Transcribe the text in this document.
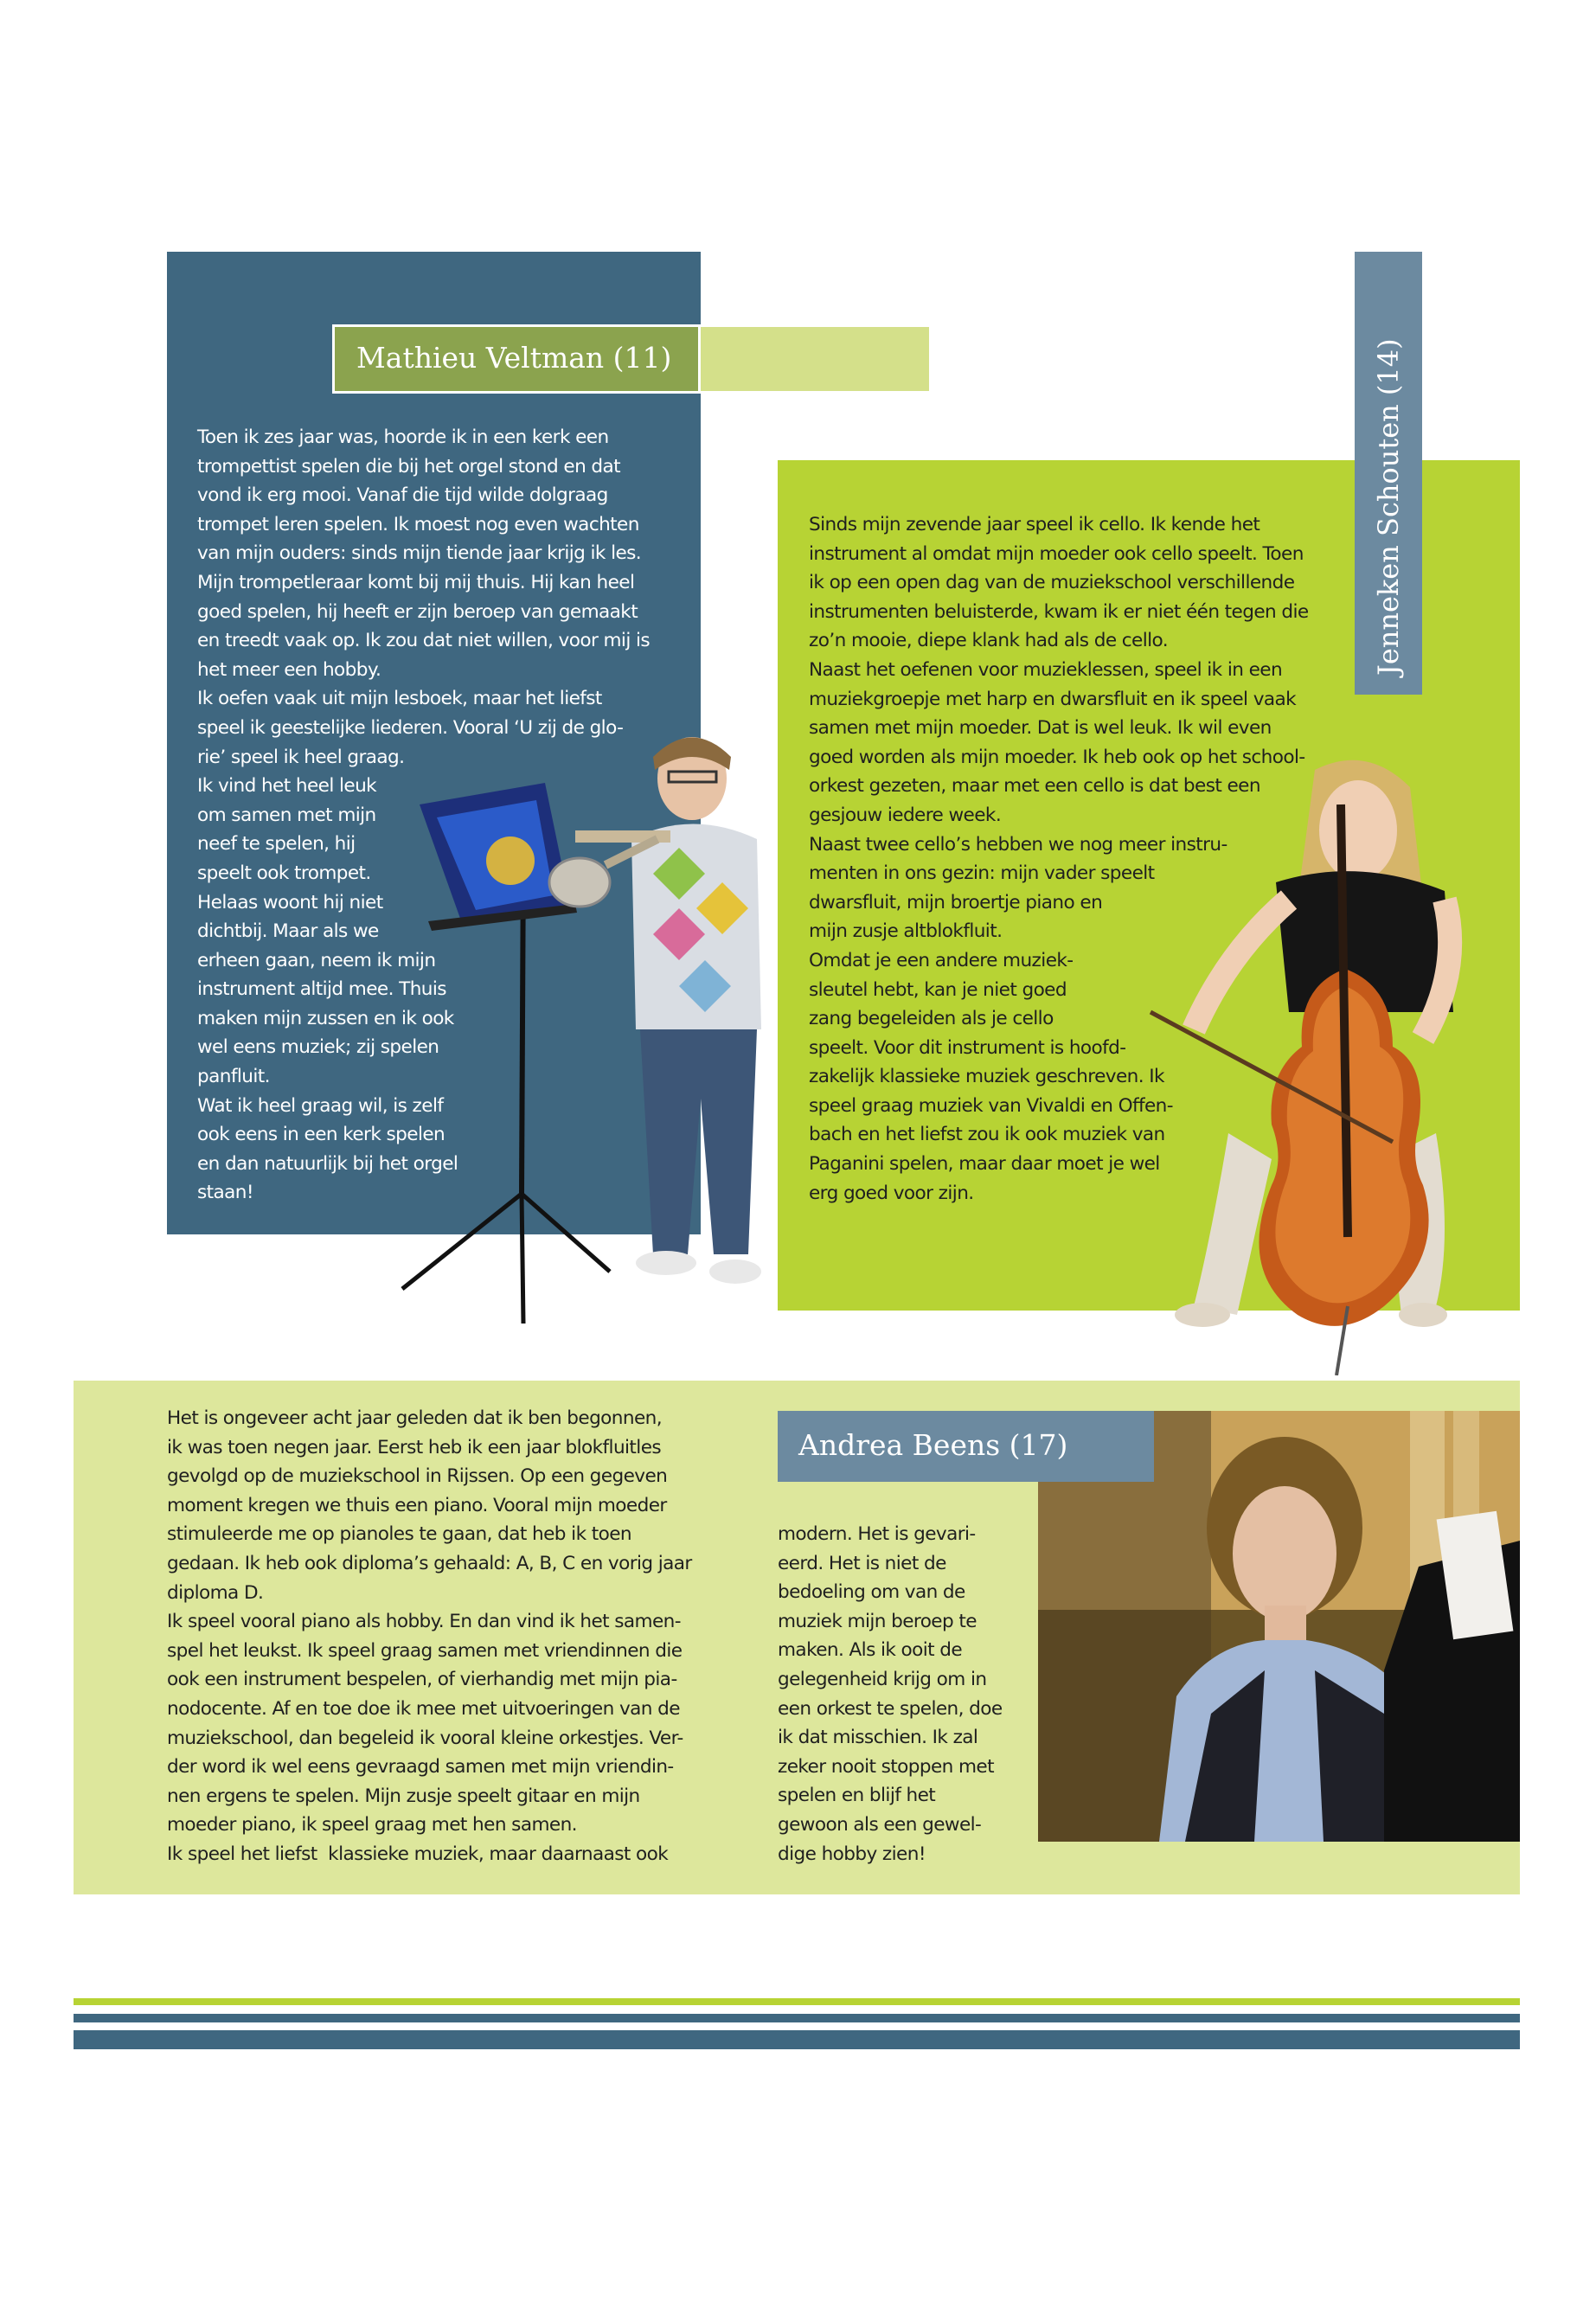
Mathieu Veltman (11)
Toen ik zes jaar was, hoorde ik in een kerk een
trompettist spelen die bij het orgel stond en dat
vond ik erg mooi. Vanaf die tijd wilde dolgraag
trompet leren spelen. Ik moest nog even wachten
van mijn ouders: sinds mijn tiende jaar krijg ik les.
Mijn trompetleraar komt bij mij thuis. Hij kan heel
goed spelen, hij heeft er zijn beroep van gemaakt
en treedt vaak op. Ik zou dat niet willen, voor mij is
het meer een hobby.
Ik oefen vaak uit mijn lesboek, maar het liefst
speel ik geestelijke liederen. Vooral ‘U zij de glo-
rie’ speel ik heel graag.
Ik vind het heel leuk
om samen met mijn
neef te spelen, hij
speelt ook trompet.
Helaas woont hij niet
dichtbij. Maar als we
erheen gaan, neem ik mijn
instrument altijd mee. Thuis
maken mijn zussen en ik ook
wel eens muziek; zij spelen
panfluit.
Wat ik heel graag wil, is zelf
ook eens in een kerk spelen
en dan natuurlijk bij het orgel
staan!
Jenneken Schouten (14)
Sinds mijn zevende jaar speel ik cello. Ik kende het
instrument al omdat mijn moeder ook cello speelt. Toen
ik op een open dag van de muziekschool verschillende
instrumenten beluisterde, kwam ik er niet één tegen die
zo’n mooie, diepe klank had als de cello.
Naast het oefenen voor muzieklessen, speel ik in een
muziekgroepje met harp en dwarsfluit en ik speel vaak
samen met mijn moeder. Dat is wel leuk. Ik wil even
goed worden als mijn moeder. Ik heb ook op het school-
orkest gezeten, maar met een cello is dat best een
gesjouw iedere week.
Naast twee cello’s hebben we nog meer instru-
menten in ons gezin: mijn vader speelt
dwarsfluit, mijn broertje piano en
mijn zusje altblokfluit.
Omdat je een andere muziek-
sleutel hebt, kan je niet goed
zang begeleiden als je cello
speelt. Voor dit instrument is hoofd-
zakelijk klassieke muziek geschreven. Ik
speel graag muziek van Vivaldi en Offen-
bach en het liefst zou ik ook muziek van
Paganini spelen, maar daar moet je wel
erg goed voor zijn.
Andrea Beens (17)
Het is ongeveer acht jaar geleden dat ik ben begonnen,
ik was toen negen jaar. Eerst heb ik een jaar blokfluitles
gevolgd op de muziekschool in Rijssen. Op een gegeven
moment kregen we thuis een piano. Vooral mijn moeder
stimuleerde me op pianoles te gaan, dat heb ik toen
gedaan. Ik heb ook diploma’s gehaald: A, B, C en vorig jaar
diploma D.
Ik speel vooral piano als hobby. En dan vind ik het samen-
spel het leukst. Ik speel graag samen met vriendinnen die
ook een instrument bespelen, of vierhandig met mijn pia-
nodocente. Af en toe doe ik mee met uitvoeringen van de
muziekschool, dan begeleid ik vooral kleine orkestjes. Ver-
der word ik wel eens gevraagd samen met mijn vriendin-
nen ergens te spelen. Mijn zusje speelt gitaar en mijn
moeder piano, ik speel graag met hen samen.
Ik speel het liefst  klassieke muziek, maar daarnaast ook
modern. Het is gevari-
eerd. Het is niet de
bedoeling om van de
muziek mijn beroep te
maken. Als ik ooit de
gelegenheid krijg om in
een orkest te spelen, doe
ik dat misschien. Ik zal
zeker nooit stoppen met
spelen en blijf het
gewoon als een gewel-
dige hobby zien!
